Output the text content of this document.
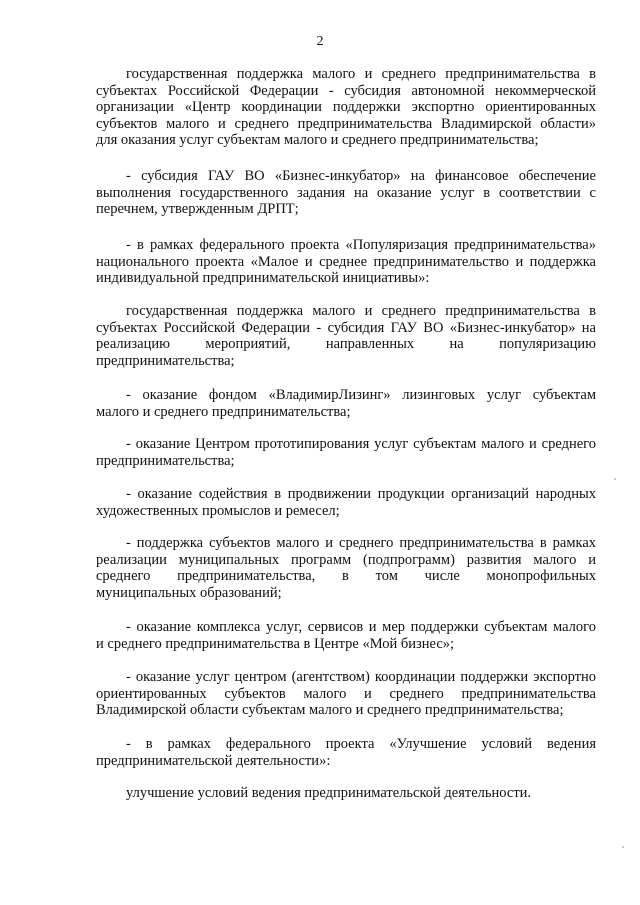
2
государственная поддержка малого и среднего предпринимательства в
субъектах Российской Федерации - субсидия автономной некоммерческой
организации «Центр координации поддержки экспортно ориентированных
субъектов малого и среднего предпринимательства Владимирской области»
для оказания услуг субъектам малого и среднего предпринимательства;
- субсидия ГАУ ВО «Бизнес-инкубатор» на финансовое обеспечение
выполнения государственного задания на оказание услуг в соответствии с
перечнем, утвержденным ДРПТ;
- в рамках федерального проекта «Популяризация предпринимательства»
национального проекта «Малое и среднее предпринимательство и поддержка
индивидуальной предпринимательской инициативы»:
государственная поддержка малого и среднего предпринимательства в
субъектах Российской Федерации - субсидия ГАУ ВО «Бизнес-инкубатор» на
реализацию мероприятий, направленных на популяризацию
предпринимательства;
- оказание фондом «ВладимирЛизинг» лизинговых услуг субъектам
малого и среднего предпринимательства;
- оказание Центром прототипирования услуг субъектам малого и среднего
предпринимательства;
- оказание содействия в продвижении продукции организаций народных
художественных промыслов и ремесел;
- поддержка субъектов малого и среднего предпринимательства в рамках
реализации муниципальных программ (подпрограмм) развития малого и
среднего предпринимательства, в том числе монопрофильных
муниципальных образований;
- оказание комплекса услуг, сервисов и мер поддержки субъектам малого
и среднего предпринимательства в Центре «Мой бизнес»;
- оказание услуг центром (агентством) координации поддержки экспортно
ориентированных субъектов малого и среднего предпринимательства
Владимирской области субъектам малого и среднего предпринимательства;
- в рамках федерального проекта «Улучшение условий ведения
предпринимательской деятельности»:
улучшение условий ведения предпринимательской деятельности.
